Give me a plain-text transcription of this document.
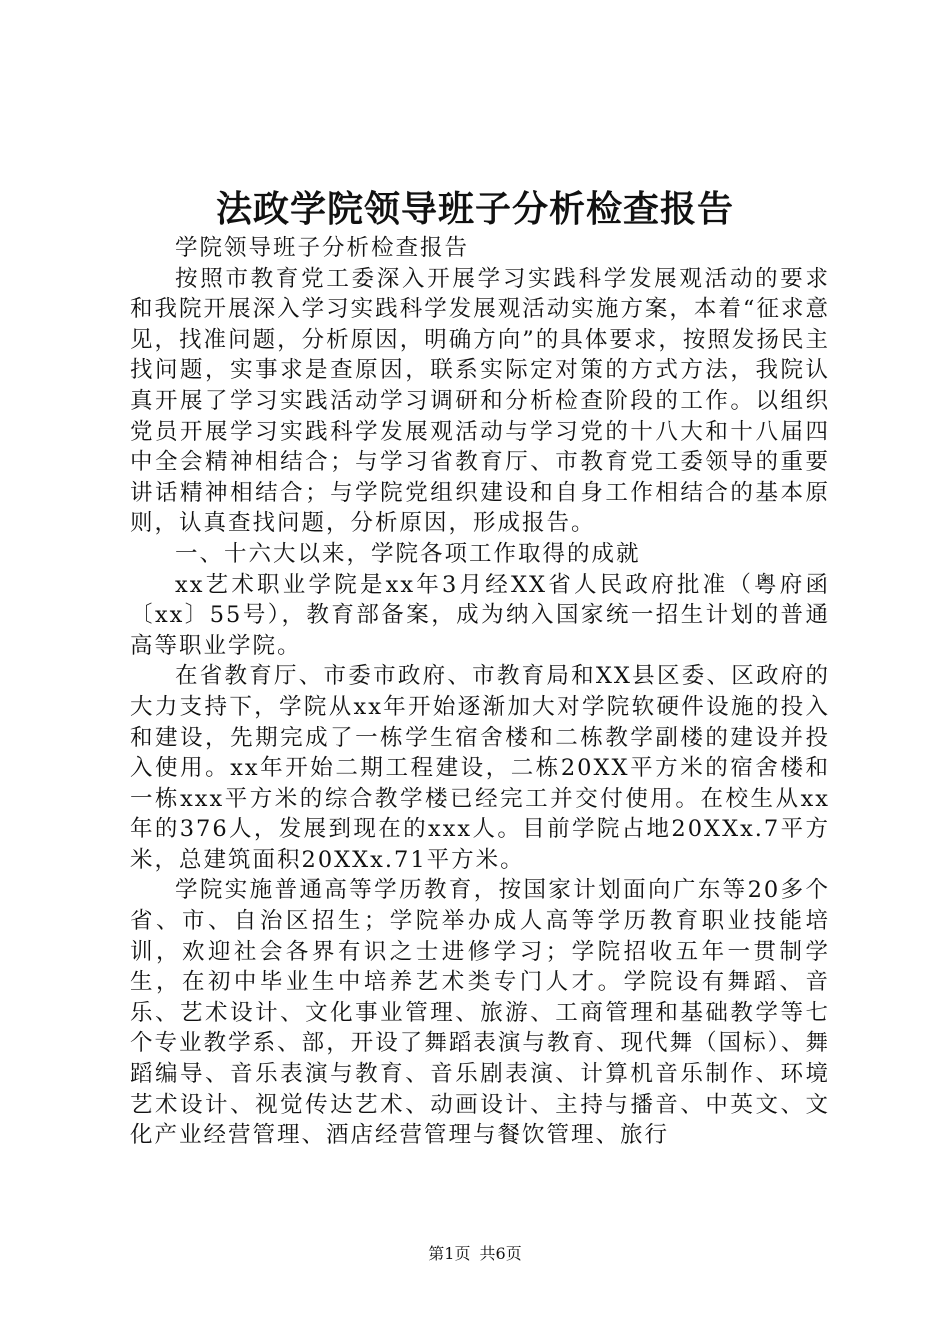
法政学院领导班子分析检查报告

学院领导班子分析检查报告

按照市教育党工委深入开展学习实践科学发展观活动的要求和我院开展深入学习实践科学发展观活动实施方案，本着“征求意见，找准问题，分析原因，明确方向”的具体要求，按照发扬民主找问题，实事求是查原因，联系实际定对策的方式方法，我院认真开展了学习实践活动学习调研和分析检查阶段的工作。以组织党员开展学习实践科学发展观活动与学习党的十八大和十八届四中全会精神相结合；与学习省教育厅、市教育党工委领导的重要讲话精神相结合；与学院党组织建设和自身工作相结合的基本原则，认真查找问题，分析原因，形成报告。

一、十六大以来，学院各项工作取得的成就

xx艺术职业学院是xx年3月经XX省人民政府批准（粤府函〔xx〕55号），教育部备案，成为纳入国家统一招生计划的普通高等职业学院。

在省教育厅、市委市政府、市教育局和XX县区委、区政府的大力支持下，学院从xx年开始逐渐加大对学院软硬件设施的投入和建设，先期完成了一栋学生宿舍楼和二栋教学副楼的建设并投入使用。xx年开始二期工程建设，二栋20XX平方米的宿舍楼和一栋xxx平方米的综合教学楼已经完工并交付使用。在校生从xx年的376人，发展到现在的xxx人。目前学院占地20XXx.7平方米，总建筑面积20XXx.71平方米。

学院实施普通高等学历教育，按国家计划面向广东等20多个省、市、自治区招生；学院举办成人高等学历教育职业技能培训，欢迎社会各界有识之士进修学习；学院招收五年一贯制学生，在初中毕业生中培养艺术类专门人才。学院设有舞蹈、音乐、艺术设计、文化事业管理、旅游、工商管理和基础教学等七个专业教学系、部，开设了舞蹈表演与教育、现代舞（国标）、舞蹈编导、音乐表演与教育、音乐剧表演、计算机音乐制作、环境艺术设计、视觉传达艺术、动画设计、主持与播音、中英文、文化产业经营管理、酒店经营管理与餐饮管理、旅行

第1页 共6页
